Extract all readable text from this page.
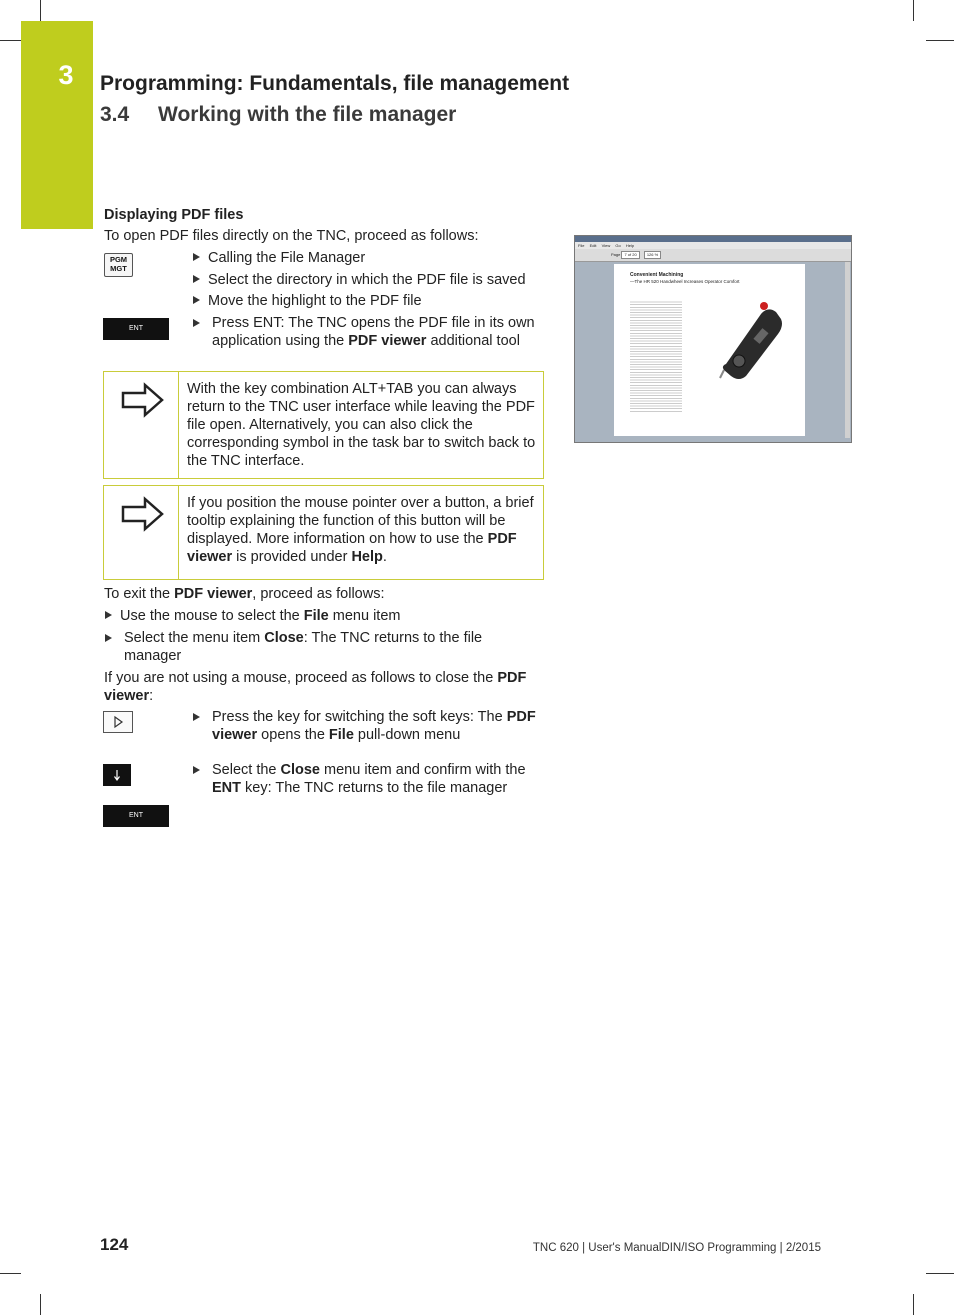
3	Programming: Fundamentals, file management
3.4 Working with the file manager
Displaying PDF files
To open PDF files directly on the TNC, proceed as follows:
PGM
MGT
Calling the File Manager
Select the directory in which the PDF file is saved
Move the highlight to the PDF file
ENT	Press ENT: The TNC opens the PDF file in its own application using the PDF viewer additional tool
With the key combination ALT+TAB you can always return to the TNC user interface while leaving the PDF file open. Alternatively, you can also click the corresponding symbol in the task bar to switch back to the TNC interface.
If you position the mouse pointer over a button, a brief tooltip explaining the function of this button will be displayed. More information on how to use the PDF viewer is provided under Help.
To exit the PDF viewer, proceed as follows:
Use the mouse to select the File menu item
Select the menu item Close: The TNC returns to the file manager
If you are not using a mouse, proceed as follows to close the PDF viewer:
Press the key for switching the soft keys: The PDF viewer opens the File pull-down menu
Select the Close menu item and confirm with the ENT key: The TNC returns to the file manager
ENT
File Edit View Go Help
Page 7 of 20	126 %
Convenient Machining
—The HR 520 Handwheel Increases Operator Comfort
124	TNC 620 | User's ManualDIN/ISO Programming | 2/2015
